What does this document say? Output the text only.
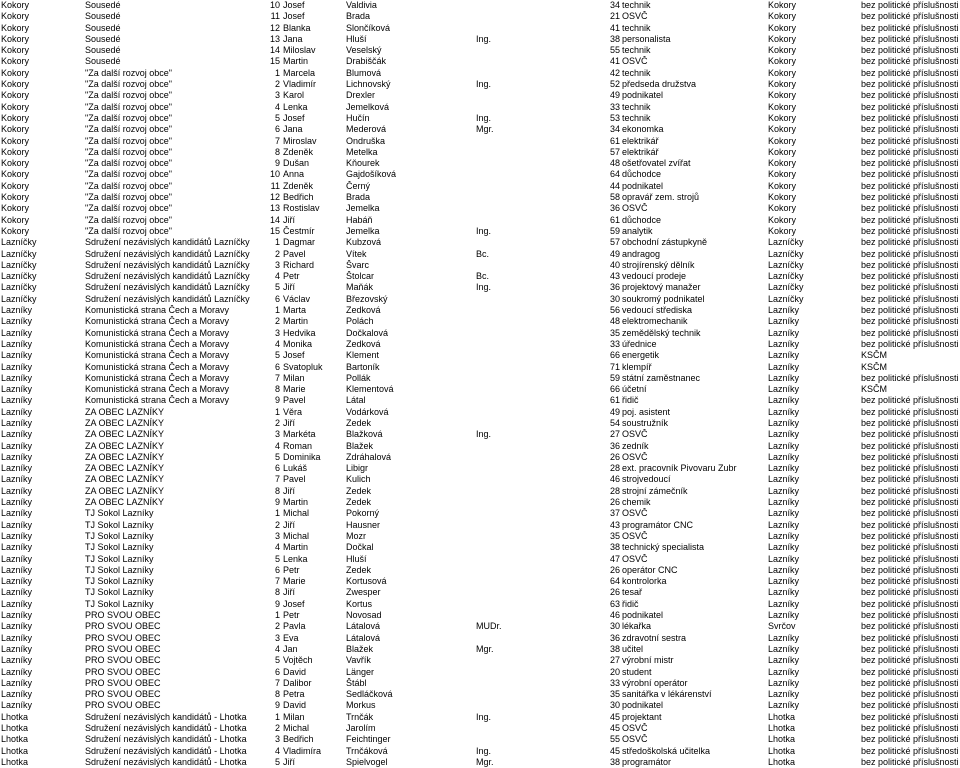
Kokory	Sousedé	10 Josef	Valdivia	34 technik	Kokory	bez politické příslušnosti
Kokory	Sousedé	11 Josef	Brada	21 OSVČ	Kokory	bez politické příslušnosti
Kokory	Sousedé	12 Blanka	Slončíková	41 technik	Kokory	bez politické příslušnosti
Kokory	Sousedé	13 Jana	Hluší	Ing.	38 personalista	Kokory	bez politické příslušnosti
Kokory	Sousedé	14 Miloslav	Veselský	55 technik	Kokory	bez politické příslušnosti
Kokory	Sousedé	15 Martin	Drabiščák	41 OSVČ	Kokory	bez politické příslušnosti
Kokory	"Za další rozvoj obce"	1 Marcela	Blumová	42 technik	Kokory	bez politické příslušnosti
Kokory	"Za další rozvoj obce"	2 Vladimír	Lichnovský	Ing.	52 předseda družstva	Kokory	bez politické příslušnosti
Kokory	"Za další rozvoj obce"	3 Karol	Drexler	49 podnikatel	Kokory	bez politické příslušnosti
Kokory	"Za další rozvoj obce"	4 Lenka	Jemelková	33 technik	Kokory	bez politické příslušnosti
Kokory	"Za další rozvoj obce"	5 Josef	Hučín	Ing.	53 technik	Kokory	bez politické příslušnosti
Kokory	"Za další rozvoj obce"	6 Jana	Mederová	Mgr.	34 ekonomka	Kokory	bez politické příslušnosti
Kokory	"Za další rozvoj obce"	7 Miroslav	Ondruška	61 elektrikář	Kokory	bez politické příslušnosti
Kokory	"Za další rozvoj obce"	8 Zdeněk	Metelka	57 elektrikář	Kokory	bez politické příslušnosti
Kokory	"Za další rozvoj obce"	9 Dušan	Kňourek	48 ošetřovatel zvířat	Kokory	bez politické příslušnosti
Kokory	"Za další rozvoj obce"	10 Anna	Gajdošíková	64 důchodce	Kokory	bez politické příslušnosti
Kokory	"Za další rozvoj obce"	11 Zdeněk	Černý	44 podnikatel	Kokory	bez politické příslušnosti
Kokory	"Za další rozvoj obce"	12 Bedřich	Brada	58 opravář zem. strojů	Kokory	bez politické příslušnosti
Kokory	"Za další rozvoj obce"	13 Rostislav	Jemelka	36 OSVČ	Kokory	bez politické příslušnosti
Kokory	"Za další rozvoj obce"	14 Jiří	Habáň	61 důchodce	Kokory	bez politické příslušnosti
Kokory	"Za další rozvoj obce"	15 Čestmír	Jemelka	Ing.	59 analytik	Kokory	bez politické příslušnosti
Lazníčky	Sdružení nezávislých kandidátů Lazníčky	1 Dagmar	Kubzová	57 obchodní zástupkyně	Lazníčky	bez politické příslušnosti
Lazníčky	Sdružení nezávislých kandidátů Lazníčky	2 Pavel	Vítek	Bc.	49 andragog	Lazníčky	bez politické příslušnosti
Lazníčky	Sdružení nezávislých kandidátů Lazníčky	3 Richard	Švarc	40 strojírenský dělník	Lazníčky	bez politické příslušnosti
Lazníčky	Sdružení nezávislých kandidátů Lazníčky	4 Petr	Štolcar	Bc.	43 vedoucí prodeje	Lazníčky	bez politické příslušnosti
Lazníčky	Sdružení nezávislých kandidátů Lazníčky	5 Jiří	Maňák	Ing.	36 projektový manažer	Lazníčky	bez politické příslušnosti
Lazníčky	Sdružení nezávislých kandidátů Lazníčky	6 Václav	Březovský	30 soukromý podnikatel	Lazníčky	bez politické příslušnosti
Lazníky	Komunistická strana Čech a Moravy	1 Marta	Zedková	56 vedoucí střediska	Lazníky	bez politické příslušnosti
Lazníky	Komunistická strana Čech a Moravy	2 Martin	Polách	48 elektromechanik	Lazníky	bez politické příslušnosti
Lazníky	Komunistická strana Čech a Moravy	3 Hedvika	Dočkalová	35 zemědělský technik	Lazníky	bez politické příslušnosti
Lazníky	Komunistická strana Čech a Moravy	4 Monika	Zedková	33 úřednice	Lazníky	bez politické příslušnosti
Lazníky	Komunistická strana Čech a Moravy	5 Josef	Klement	66 energetik	Lazníky	KSČM
Lazníky	Komunistická strana Čech a Moravy	6 Svatopluk	Bartoník	71 klempíř	Lazníky	KSČM
Lazníky	Komunistická strana Čech a Moravy	7 Milan	Pollák	59 státní zaměstnanec	Lazníky	bez politické příslušnosti
Lazníky	Komunistická strana Čech a Moravy	8 Marie	Klementová	66 účetní	Lazníky	KSČM
Lazníky	Komunistická strana Čech a Moravy	9 Pavel	Látal	61 řidič	Lazníky	bez politické příslušnosti
Lazníky	ZA OBEC LAZNÍKY	1 Věra	Vodárková	49 poj. asistent	Lazníky	bez politické příslušnosti
Lazníky	ZA OBEC LAZNÍKY	2 Jiří	Zedek	54 soustružník	Lazníky	bez politické příslušnosti
Lazníky	ZA OBEC LAZNÍKY	3 Markéta	Blažková	Ing.	27 OSVČ	Lazníky	bez politické příslušnosti
Lazníky	ZA OBEC LAZNÍKY	4 Roman	Blažek	36 zedník	Lazníky	bez politické příslušnosti
Lazníky	ZA OBEC LAZNÍKY	5 Dominika	Zdráhalová	26 OSVČ	Lazníky	bez politické příslušnosti
Lazníky	ZA OBEC LAZNÍKY	6 Lukáš	Libigr	28 ext. pracovník Pivovaru Zubr	Lazníky	bez politické příslušnosti
Lazníky	ZA OBEC LAZNÍKY	7 Pavel	Kulich	46 strojvedoucí	Lazníky	bez politické příslušnosti
Lazníky	ZA OBEC LAZNÍKY	8 Jiří	Zedek	28 strojní zámečník	Lazníky	bez politické příslušnosti
Lazníky	ZA OBEC LAZNÍKY	9 Martin	Zedek	26 chemik	Lazníky	bez politické příslušnosti
Lazníky	TJ Sokol Lazníky	1 Michal	Pokorný	37 OSVČ	Lazníky	bez politické příslušnosti
Lazníky	TJ Sokol Lazníky	2 Jiří	Hausner	43 programátor CNC	Lazníky	bez politické příslušnosti
Lazníky	TJ Sokol Lazníky	3 Michal	Mozr	35 OSVČ	Lazníky	bez politické příslušnosti
Lazníky	TJ Sokol Lazníky	4 Martin	Dočkal	38 technický specialista	Lazníky	bez politické příslušnosti
Lazníky	TJ Sokol Lazníky	5 Lenka	Hluší	47 OSVČ	Lazníky	bez politické příslušnosti
Lazníky	TJ Sokol Lazníky	6 Petr	Zedek	26 operátor CNC	Lazníky	bez politické příslušnosti
Lazníky	TJ Sokol Lazníky	7 Marie	Kortusová	64 kontrolorka	Lazníky	bez politické příslušnosti
Lazníky	TJ Sokol Lazníky	8 Jiří	Zwesper	26 tesař	Lazníky	bez politické příslušnosti
Lazníky	TJ Sokol Lazníky	9 Josef	Kortus	63 řidič	Lazníky	bez politické příslušnosti
Lazníky	PRO SVOU OBEC	1 Petr	Novosad	46 podnikatel	Lazníky	bez politické příslušnosti
Lazníky	PRO SVOU OBEC	2 Pavla	Látalová	MUDr.	30 lékařka	Svrčov	bez politické příslušnosti
Lazníky	PRO SVOU OBEC	3 Eva	Látalová	36 zdravotní sestra	Lazníky	bez politické příslušnosti
Lazníky	PRO SVOU OBEC	4 Jan	Blažek	Mgr.	38 učitel	Lazníky	bez politické příslušnosti
Lazníky	PRO SVOU OBEC	5 Vojtěch	Vavřík	27 výrobní mistr	Lazníky	bez politické příslušnosti
Lazníky	PRO SVOU OBEC	6 David	Länger	20 student	Lazníky	bez politické příslušnosti
Lazníky	PRO SVOU OBEC	7 Dalibor	Štábl	33 výrobní operátor	Lazníky	bez politické příslušnosti
Lazníky	PRO SVOU OBEC	8 Petra	Sedláčková	35 sanitářka v lékárenství	Lazníky	bez politické příslušnosti
Lazníky	PRO SVOU OBEC	9 David	Morkus	30 podnikatel	Lazníky	bez politické příslušnosti
Lhotka	Sdružení nezávislých kandidátů - Lhotka	1 Milan	Trnčák	Ing.	45 projektant	Lhotka	bez politické příslušnosti
Lhotka	Sdružení nezávislých kandidátů - Lhotka	2 Michal	Jarolím	45 OSVČ	Lhotka	bez politické příslušnosti
Lhotka	Sdružení nezávislých kandidátů - Lhotka	3 Bedřich	Feichtinger	55 OSVČ	Lhotka	bez politické příslušnosti
Lhotka	Sdružení nezávislých kandidátů - Lhotka	4 Vladimíra	Trnčáková	Ing.	45 středoškolská učitelka	Lhotka	bez politické příslušnosti
Lhotka	Sdružení nezávislých kandidátů - Lhotka	5 Jiří	Spielvogel	Mgr.	38 programátor	Lhotka	bez politické příslušnosti
